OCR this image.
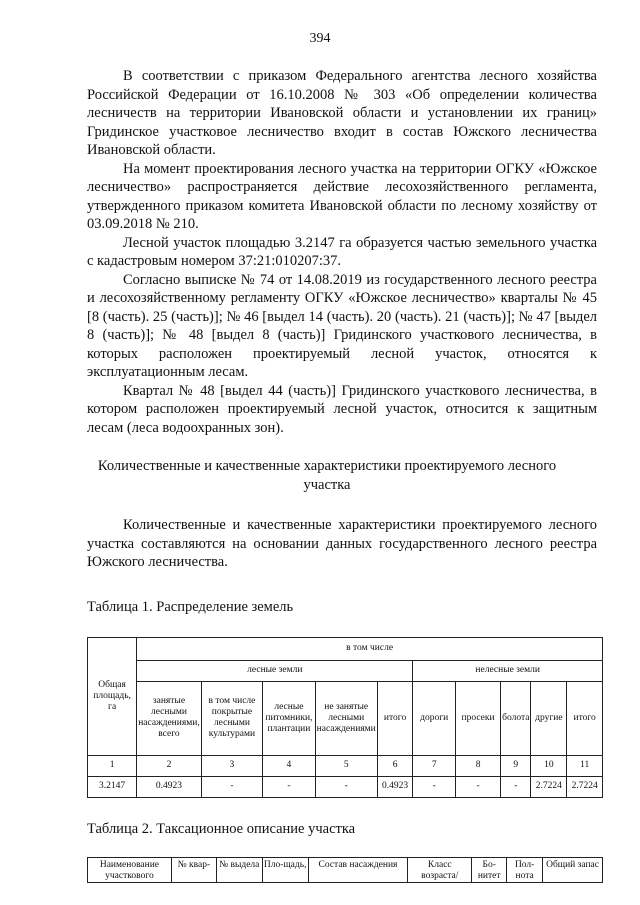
394

В соответствии с приказом Федерального агентства лесного хозяйства Российской Федерации от 16.10.2008 № 303 «Об определении количества лесничеств на территории Ивановской области и установлении их границ» Гридинское участковое лесничество входит в состав Южского лесничества Ивановской области.

На момент проектирования лесного участка на территории ОГКУ «Южское лесничество» распространяется действие лесохозяйственного регламента, утвержденного приказом комитета Ивановской области по лесному хозяйству от 03.09.2018 № 210.

Лесной участок площадью 3.2147 га образуется частью земельного участка с кадастровым номером 37:21:010207:37.

Согласно выписке № 74 от 14.08.2019 из государственного лесного реестра и лесохозяйственному регламенту ОГКУ «Южское лесничество» кварталы № 45 [8 (часть). 25 (часть)]; № 46 [выдел 14 (часть). 20 (часть). 21 (часть)]; № 47 [выдел 8 (часть)]; № 48 [выдел 8 (часть)] Гридинского участкового лесничества, в которых расположен проектируемый лесной участок, относятся к эксплуатационным лесам.

Квартал № 48 [выдел 44 (часть)] Гридинского участкового лесничества, в котором расположен проектируемый лесной участок, относится к защитным лесам (леса водоохранных зон).

Количественные и качественные характеристики проектируемого лесного участка

Количественные и качественные характеристики проектируемого лесного участка составляются на основании данных государственного лесного реестра Южского лесничества.

Таблица 1. Распределение земель

Общая площадь, га	в том числе									
	лесные земли					нелесные земли				
	занятые лесными насаждениями, всего	в том числе покрытые лесными культурами	лесные питомники, плантации	не занятые лесными насаждениями	итого	дороги	просеки	болота	другие	итого
1	2	3	4	5	6	7	8	9	10	11
3.2147	0.4923	-	-	-	0.4923	-	-	-	2.7224	2.7224

Таблица 2. Таксационное описание участка

Наименование участкового	№ квар-	№ выдела	Пло-щадь,	Состав насаждения	Класс возраста/	Бо-нитет	Пол-нота	Общий запас
